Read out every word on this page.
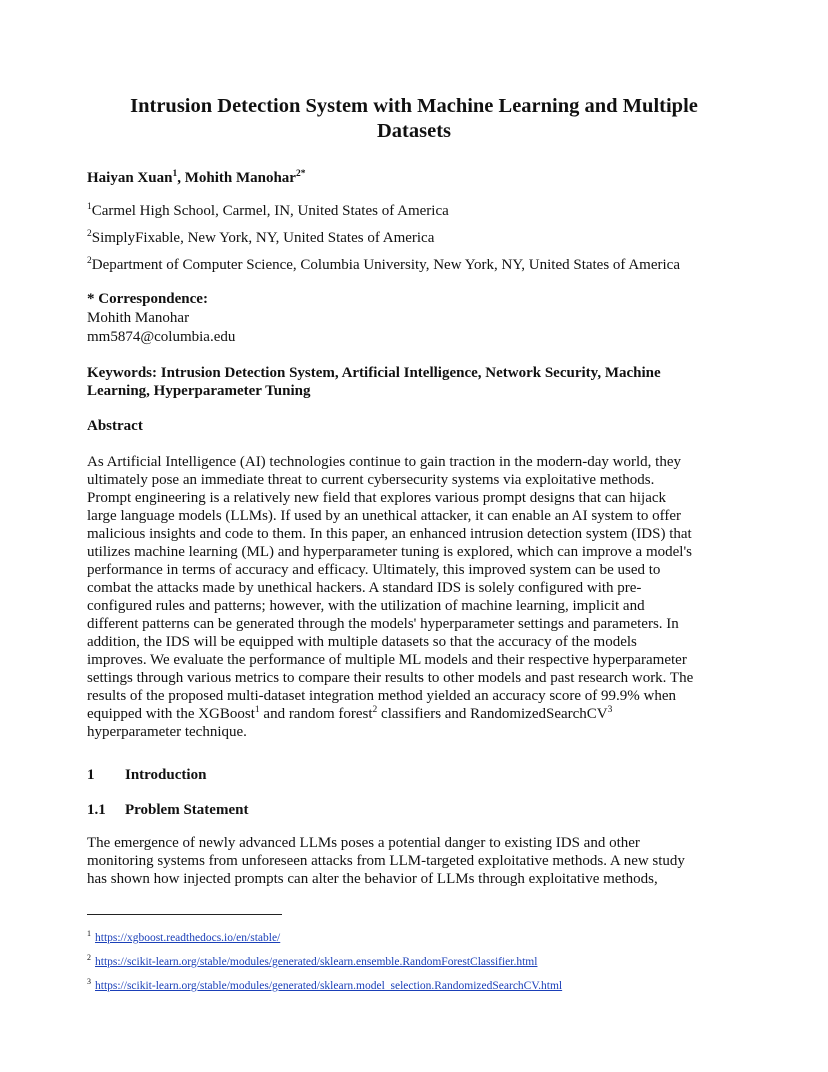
Intrusion Detection System with Machine Learning and Multiple
Datasets
Haiyan Xuan$^1$, Mohith Manohar$^{2*}$
$^1$Carmel High School, Carmel, IN, United States of America
$^2$SimplyFixable, New York, NY, United States of America
$^2$Department of Computer Science, Columbia University, New York, NY, United States of America
* Correspondence:
Mohith Manohar
mm5874@columbia.edu
Keywords: Intrusion Detection System, Artificial Intelligence, Network Security, Machine
Learning, Hyperparameter Tuning
Abstract
As Artificial Intelligence (AI) technologies continue to gain traction in the modern-day world, they
ultimately pose an immediate threat to current cybersecurity systems via exploitative methods.
Prompt engineering is a relatively new field that explores various prompt designs that can hijack
large language models (LLMs). If used by an unethical attacker, it can enable an AI system to offer
malicious insights and code to them. In this paper, an enhanced intrusion detection system (IDS) that
utilizes machine learning (ML) and hyperparameter tuning is explored, which can improve a model's
performance in terms of accuracy and efficacy. Ultimately, this improved system can be used to
combat the attacks made by unethical hackers. A standard IDS is solely configured with pre-
configured rules and patterns; however, with the utilization of machine learning, implicit and
different patterns can be generated through the models' hyperparameter settings and parameters. In
addition, the IDS will be equipped with multiple datasets so that the accuracy of the models
improves. We evaluate the performance of multiple ML models and their respective hyperparameter
settings through various metrics to compare their results to other models and past research work. The
results of the proposed multi-dataset integration method yielded an accuracy score of 99.9% when
equipped with the XGBoost$^1$ and random forest$^2$ classifiers and RandomizedSearchCV$^3$
hyperparameter technique.
1 Introduction
1.1 Problem Statement
The emergence of newly advanced LLMs poses a potential danger to existing IDS and other
monitoring systems from unforeseen attacks from LLM-targeted exploitative methods. A new study
has shown how injected prompts can alter the behavior of LLMs through exploitative methods,
$^1$ https://xgboost.readthedocs.io/en/stable/
$^2$ https://scikit-learn.org/stable/modules/generated/sklearn.ensemble.RandomForestClassifier.html
$^3$ https://scikit-learn.org/stable/modules/generated/sklearn.model_selection.RandomizedSearchCV.html
